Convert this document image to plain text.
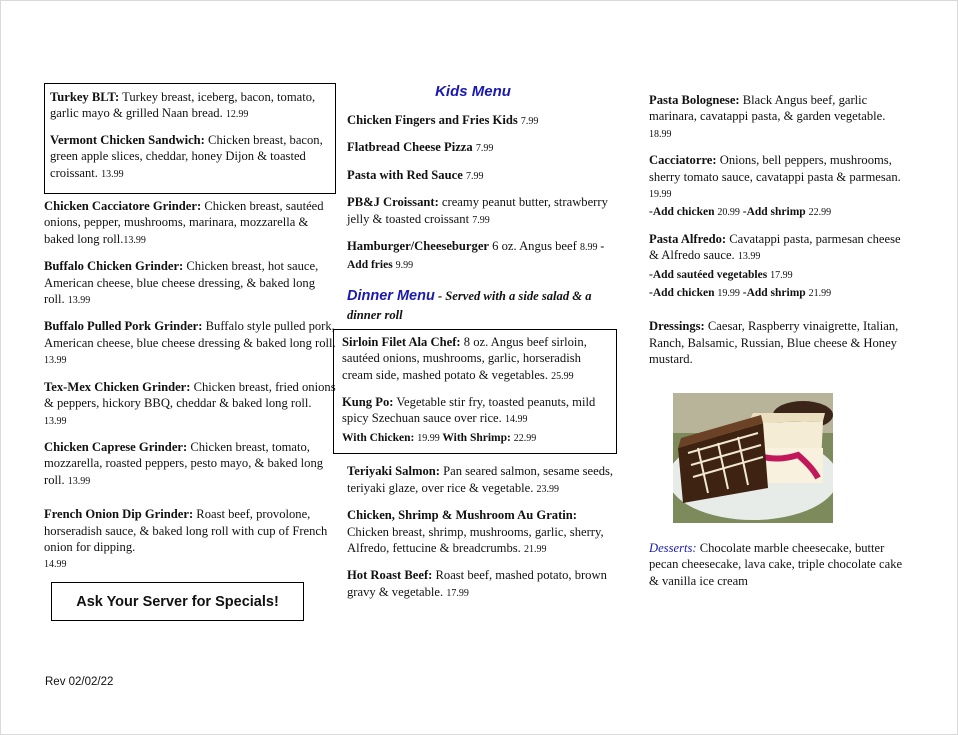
Turkey BLT: Turkey breast, iceberg, bacon, tomato, garlic mayo & grilled Naan bread. 12.99

Vermont Chicken Sandwich: Chicken breast, bacon, green apple slices, cheddar, honey Dijon & toasted croissant. 13.99

Chicken Cacciatore Grinder: Chicken breast, sautéed onions, pepper, mushrooms, marinara, mozzarella & baked long roll.13.99

Buffalo Chicken Grinder: Chicken breast, hot sauce, American cheese, blue cheese dressing, & baked long roll. 13.99

Buffalo Pulled Pork Grinder: Buffalo style pulled pork, American cheese, blue cheese dressing & baked long roll. 13.99

Tex-Mex Chicken Grinder: Chicken breast, fried onions & peppers, hickory BBQ, cheddar & baked long roll. 13.99

Chicken Caprese Grinder: Chicken breast, tomato, mozzarella, roasted peppers, pesto mayo, & baked long roll. 13.99

French Onion Dip Grinder: Roast beef, provolone, horseradish sauce, & baked long roll with cup of French onion for dipping.
14.99

Ask Your Server for Specials!
Rev 02/02/22
Kids Menu

Chicken Fingers and Fries Kids 7.99

Flatbread Cheese Pizza 7.99

Pasta with Red Sauce 7.99

PB&J Croissant: creamy peanut butter, strawberry jelly & toasted croissant 7.99

Hamburger/Cheeseburger 6 oz. Angus beef 8.99 -Add fries 9.99

Dinner Menu - Served with a side salad & a dinner roll

Sirloin Filet Ala Chef: 8 oz. Angus beef sirloin, sautéed onions, mushrooms, garlic, horseradish cream side, mashed potato & vegetables. 25.99

Kung Po: Vegetable stir fry, toasted peanuts, mild spicy Szechuan sauce over rice. 14.99
With Chicken: 19.99 With Shrimp: 22.99

Teriyaki Salmon: Pan seared salmon, sesame seeds, teriyaki glaze, over rice & vegetable. 23.99

Chicken, Shrimp & Mushroom Au Gratin: Chicken breast, shrimp, mushrooms, garlic, sherry, Alfredo, fettucine & breadcrumbs. 21.99

Hot Roast Beef: Roast beef, mashed potato, brown gravy & vegetable. 17.99

Pasta Bolognese: Black Angus beef, garlic marinara, cavatappi pasta, & garden vegetable. 18.99

Cacciatorre: Onions, bell peppers, mushrooms, sherry tomato sauce, cavatappi pasta & parmesan. 19.99
-Add chicken 20.99 -Add shrimp 22.99

Pasta Alfredo: Cavatappi pasta, parmesan cheese & Alfredo sauce. 13.99
-Add sautéed vegetables 17.99
-Add chicken 19.99 -Add shrimp 21.99

Dressings: Caesar, Raspberry vinaigrette, Italian, Ranch, Balsamic, Russian, Blue cheese & Honey mustard.

Desserts: Chocolate marble cheesecake, butter pecan cheesecake, lava cake, triple chocolate cake & vanilla ice cream
